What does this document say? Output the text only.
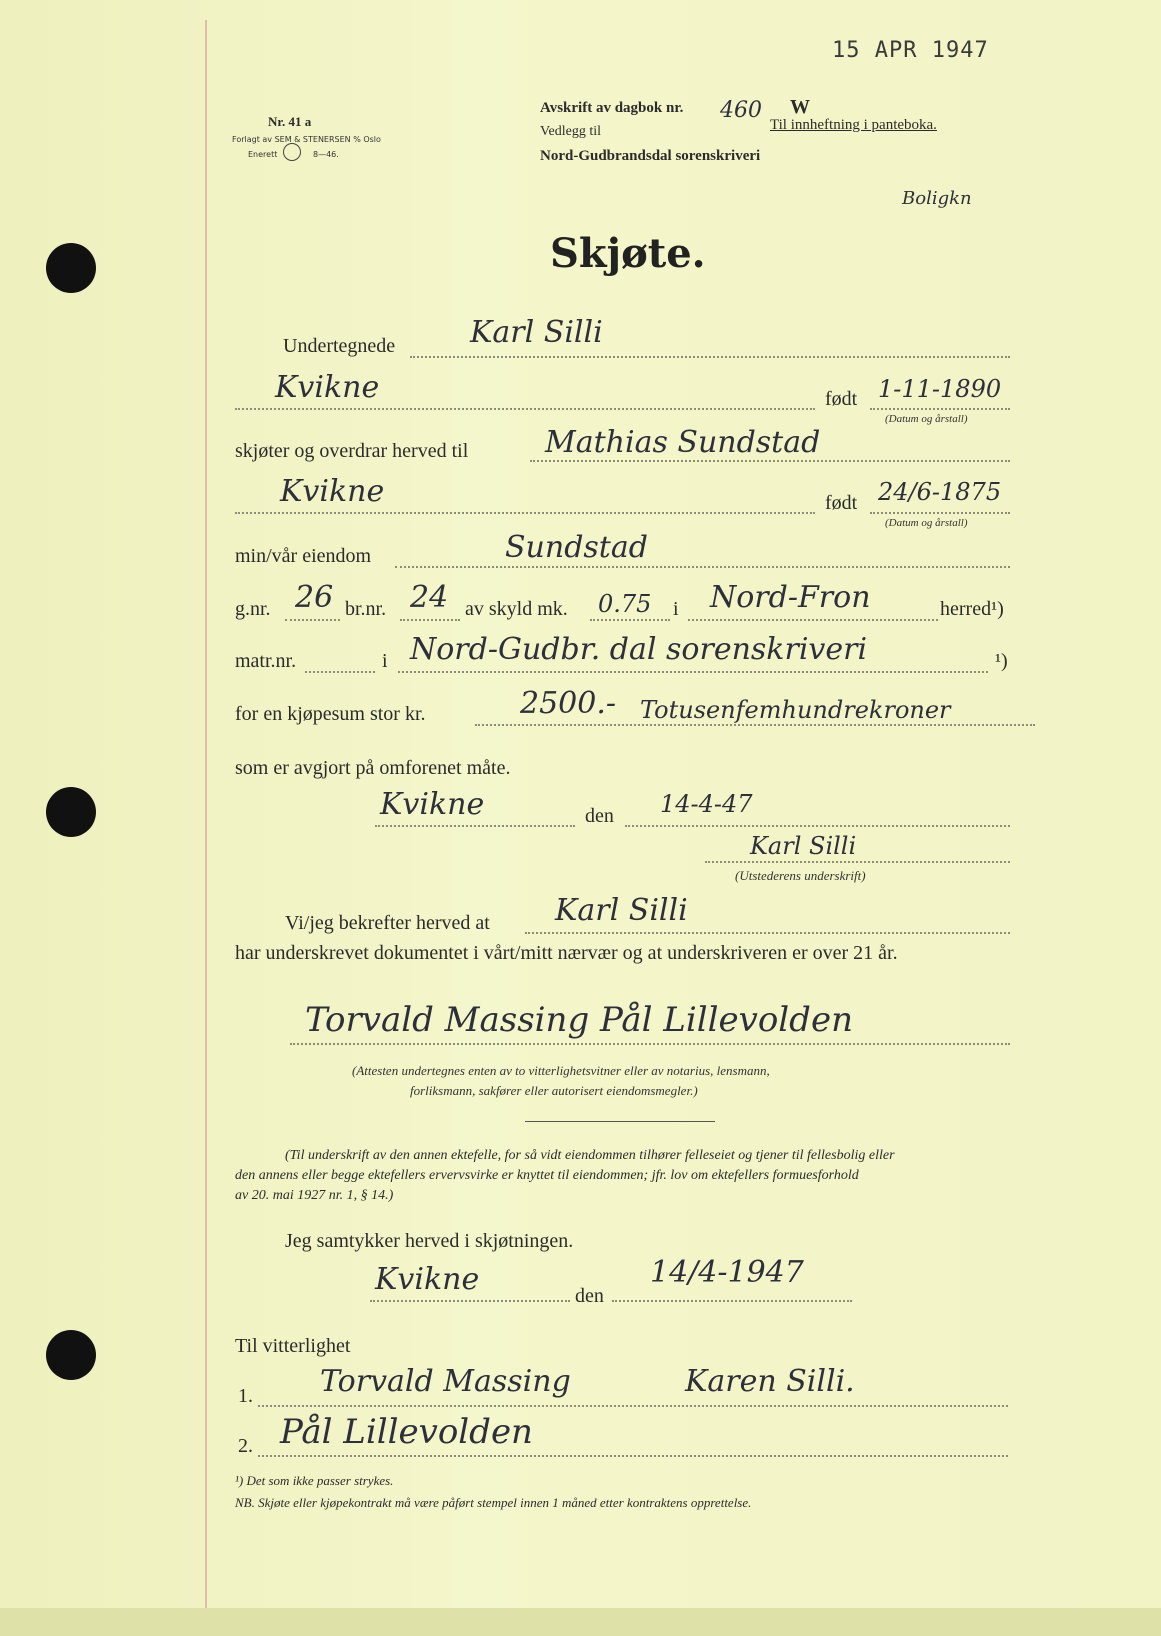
15 APR 1947
Nr. 41 a
Forlagt av SEM & STENERSEN % Oslo
Enerett	8—46.
Avskrift av dagbok nr. 460 W
Vedlegg til	Til innheftning i panteboka.
Nord-Gudbrandsdal sorenskriveri
Boligkn
Skjøte.
Undertegnede Karl Silli
Kvikne	født 1-11-1890
(Datum og årstall)
skjøter og overdrar herved til	Mathias Sundstad
Kvikne	født 24/6-1875
(Datum og årstall)
min/vår eiendom	Sundstad
g.nr. 26 br.nr. 24 av skyld mk. 0.75 i Nord-Fron	herred¹)
matr.nr.	i Nord-Gudbr. dal sorenskriveri	¹)
for en kjøpesum stor kr.	2500.- Totusenfemhundrekroner
som er avgjort på omforenet måte.
Kvikne	den 14-4-47
Karl Silli
(Utstederens underskrift)
Vi/jeg bekrefter herved at Karl Silli
har underskrevet dokumentet i vårt/mitt nærvær og at underskriveren er over 21 år.
Torvald Massing Pål Lillevolden
(Attesten undertegnes enten av to vitterlighetsvitner eller av notarius, lensmann,
forliksmann, sakfører eller autorisert eiendomsmegler.)
(Til underskrift av den annen ektefelle, for så vidt eiendommen tilhører felleseiet og tjener til fellesbolig eller
den annens eller begge ektefellers ervervsvirke er knyttet til eiendommen; jfr. lov om ektefellers formuesforhold
av 20. mai 1927 nr. 1, § 14.)
Jeg samtykker herved i skjøtningen.
Kvikne	den
14/4-1947
Til vitterlighet
1. Torvald Massing	Karen Silli.
2. Pål Lillevolden
¹) Det som ikke passer strykes.
NB. Skjøte eller kjøpekontrakt må være påført stempel innen 1 måned etter kontraktens opprettelse.
